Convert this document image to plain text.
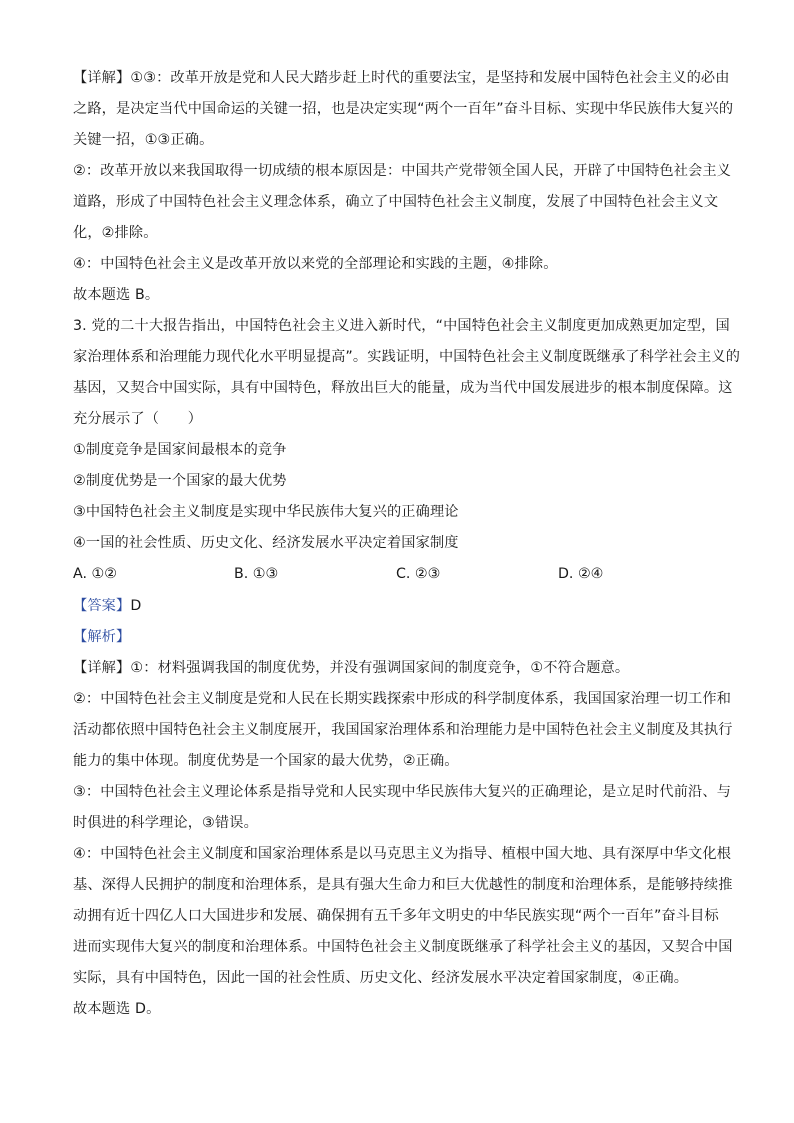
【详解】①③：改革开放是党和人民大踏步赶上时代的重要法宝，是坚持和发展中国特色社会主义的必由
之路，是决定当代中国命运的关键一招，也是决定实现“两个一百年”奋斗目标、实现中华民族伟大复兴的
关键一招，①③正确。
②：改革开放以来我国取得一切成绩的根本原因是：中国共产党带领全国人民，开辟了中国特色社会主义
道路，形成了中国特色社会主义理念体系，确立了中国特色社会主义制度，发展了中国特色社会主义文
化，②排除。
④：中国特色社会主义是改革开放以来党的全部理论和实践的主题，④排除。
故本题选 B。
3. 党的二十大报告指出，中国特色社会主义进入新时代，“中国特色社会主义制度更加成熟更加定型，国
家治理体系和治理能力现代化水平明显提高”。实践证明，中国特色社会主义制度既继承了科学社会主义的
基因，又契合中国实际，具有中国特色，释放出巨大的能量，成为当代中国发展进步的根本制度保障。这
充分展示了（　　）
①制度竞争是国家间最根本的竞争
②制度优势是一个国家的最大优势
③中国特色社会主义制度是实现中华民族伟大复兴的正确理论
④一国的社会性质、历史文化、经济发展水平决定着国家制度
A. ①②	B. ①③	C. ②③	D. ②④
【答案】D
【解析】
【详解】①：材料强调我国的制度优势，并没有强调国家间的制度竞争，①不符合题意。
②：中国特色社会主义制度是党和人民在长期实践探索中形成的科学制度体系，我国国家治理一切工作和
活动都依照中国特色社会主义制度展开，我国国家治理体系和治理能力是中国特色社会主义制度及其执行
能力的集中体现。制度优势是一个国家的最大优势，②正确。
③：中国特色社会主义理论体系是指导党和人民实现中华民族伟大复兴的正确理论，是立足时代前沿、与
时俱进的科学理论，③错误。
④：中国特色社会主义制度和国家治理体系是以马克思主义为指导、植根中国大地、具有深厚中华文化根
基、深得人民拥护的制度和治理体系，是具有强大生命力和巨大优越性的制度和治理体系，是能够持续推
动拥有近十四亿人口大国进步和发展、确保拥有五千多年文明史的中华民族实现“两个一百年”奋斗目标
进而实现伟大复兴的制度和治理体系。中国特色社会主义制度既继承了科学社会主义的基因，又契合中国
实际，具有中国特色，因此一国的社会性质、历史文化、经济发展水平决定着国家制度，④正确。
故本题选 D。
